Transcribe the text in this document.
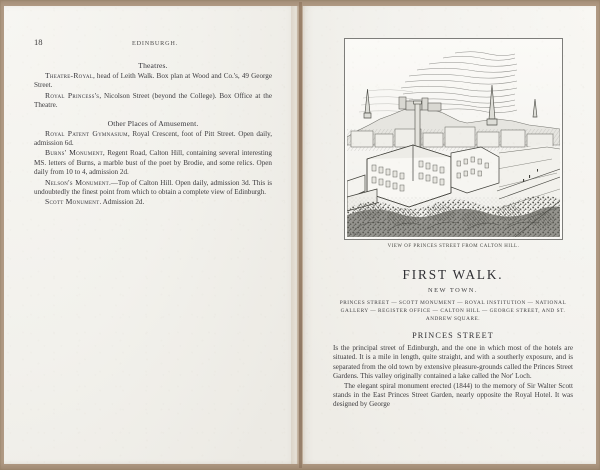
18	EDINBURGH.
Theatres.

Theatre-Royal, head of Leith Walk. Box plan at Wood and Co.'s, 49 George Street.

Royal Princess's, Nicolson Street (beyond the College). Box Office at the Theatre.

Other Places of Amusement.

Royal Patent Gymnasium, Royal Crescent, foot of Pitt Street. Open daily, admission 6d.

Burns' Monument, Regent Road, Calton Hill, containing several interesting MS. letters of Burns, a marble bust of the poet by Brodie, and some relics. Open daily from 10 to 4, admission 2d.

Nelson's Monument.—Top of Calton Hill. Open daily, admission 3d. This is undoubtedly the finest point from which to obtain a complete view of Edinburgh.

Scott Monument. Admission 2d.

LANG.
VIEW OF PRINCES STREET FROM CALTON HILL.
FIRST WALK.
NEW TOWN.
PRINCES STREET — SCOTT MONUMENT — ROYAL INSTITUTION — NATIONAL GALLERY — REGISTER OFFICE — CALTON HILL — GEORGE STREET, AND ST. ANDREW SQUARE.
PRINCES STREET

Is the principal street of Edinburgh, and the one in which most of the hotels are situated. It is a mile in length, quite straight, and with a southerly exposure, and is separated from the old town by extensive pleasure-grounds called the Princes Street Gardens. This valley originally contained a lake called the Nor' Loch.

The elegant spiral monument erected (1844) to the memory of Sir Walter Scott stands in the East Princes Street Garden, nearly opposite the Royal Hotel. It was designed by George
